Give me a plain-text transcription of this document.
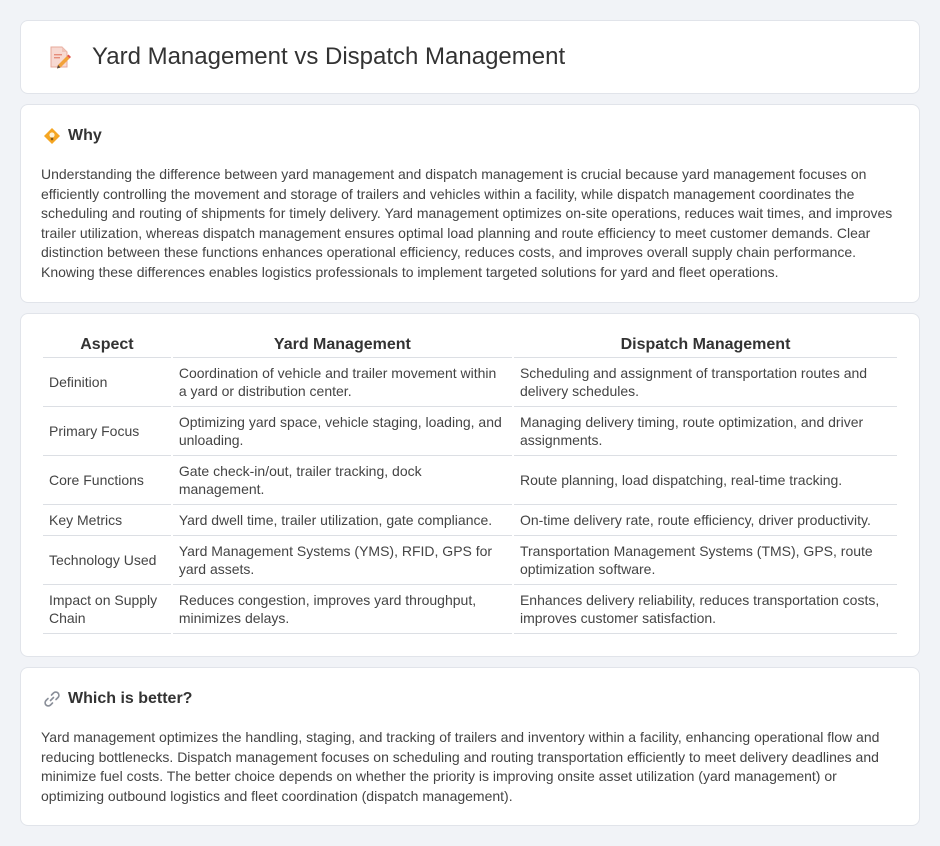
Yard Management vs Dispatch Management
Why

Understanding the difference between yard management and dispatch management is crucial because yard management focuses on efficiently controlling the movement and storage of trailers and vehicles within a facility, while dispatch management coordinates the scheduling and routing of shipments for timely delivery. Yard management optimizes on-site operations, reduces wait times, and improves trailer utilization, whereas dispatch management ensures optimal load planning and route efficiency to meet customer demands. Clear distinction between these functions enhances operational efficiency, reduces costs, and improves overall supply chain performance. Knowing these differences enables logistics professionals to implement targeted solutions for yard and fleet operations.

Aspect	Yard Management	Dispatch Management
Definition	Coordination of vehicle and trailer movement within a yard or distribution center.	Scheduling and assignment of transportation routes and delivery schedules.
Primary Focus	Optimizing yard space, vehicle staging, loading, and unloading.	Managing delivery timing, route optimization, and driver assignments.
Core Functions	Gate check-in/out, trailer tracking, dock management.	Route planning, load dispatching, real-time tracking.
Key Metrics	Yard dwell time, trailer utilization, gate compliance.	On-time delivery rate, route efficiency, driver productivity.
Technology Used	Yard Management Systems (YMS), RFID, GPS for yard assets.	Transportation Management Systems (TMS), GPS, route optimization software.
Impact on Supply Chain	Reduces congestion, improves yard throughput, minimizes delays.	Enhances delivery reliability, reduces transportation costs, improves customer satisfaction.
Which is better?

Yard management optimizes the handling, staging, and tracking of trailers and inventory within a facility, enhancing operational flow and reducing bottlenecks. Dispatch management focuses on scheduling and routing transportation efficiently to meet delivery deadlines and minimize fuel costs. The better choice depends on whether the priority is improving onsite asset utilization (yard management) or optimizing outbound logistics and fleet coordination (dispatch management).
